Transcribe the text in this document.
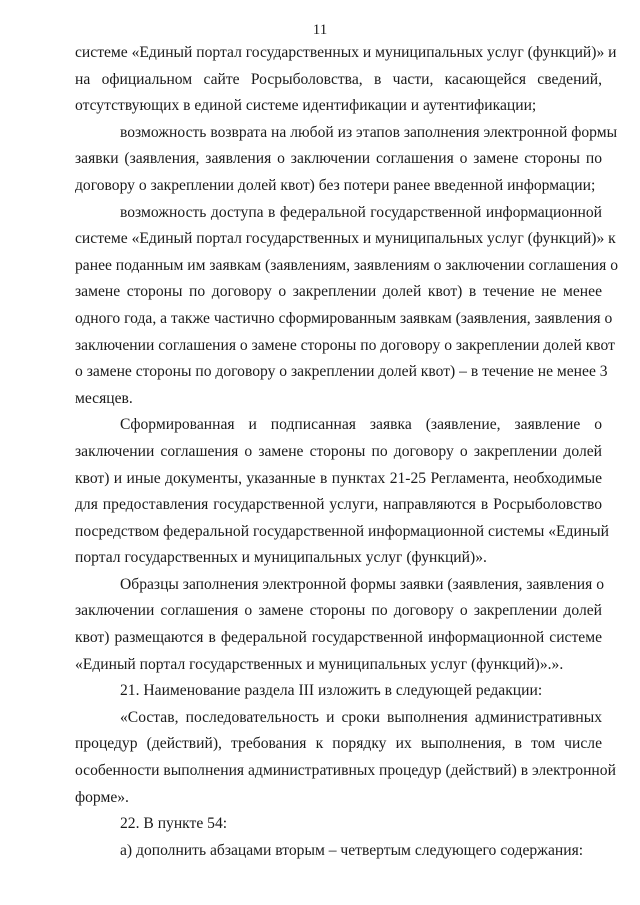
11
системе «Единый портал государственных и муниципальных услуг (функций)» и
на официальном сайте Росрыболовства, в части, касающейся сведений,
отсутствующих в единой системе идентификации и аутентификации;
возможность возврата на любой из этапов заполнения электронной формы
заявки (заявления, заявления о заключении соглашения о замене стороны по
договору о закреплении долей квот) без потери ранее введенной информации;
возможность доступа в федеральной государственной информационной
системе «Единый портал государственных и муниципальных услуг (функций)» к
ранее поданным им заявкам (заявлениям, заявлениям о заключении соглашения о
замене стороны по договору о закреплении долей квот) в течение не менее
одного года, а также частично сформированным заявкам (заявления, заявления о
заключении соглашения о замене стороны по договору о закреплении долей квот
о замене стороны по договору о закреплении долей квот) – в течение не менее 3
месяцев.
Сформированная и подписанная заявка (заявление, заявление о
заключении соглашения о замене стороны по договору о закреплении долей
квот) и иные документы, указанные в пунктах 21-25 Регламента, необходимые
для предоставления государственной услуги, направляются в Росрыболовство
посредством федеральной государственной информационной системы «Единый
портал государственных и муниципальных услуг (функций)».
Образцы заполнения электронной формы заявки (заявления, заявления о
заключении соглашения о замене стороны по договору о закреплении долей
квот) размещаются в федеральной государственной информационной системе
«Единый портал государственных и муниципальных услуг (функций)».».
21. Наименование раздела III изложить в следующей редакции:
«Состав, последовательность и сроки выполнения административных
процедур (действий), требования к порядку их выполнения, в том числе
особенности выполнения административных процедур (действий) в электронной
форме».
22. В пункте 54:
а) дополнить абзацами вторым – четвертым следующего содержания:
